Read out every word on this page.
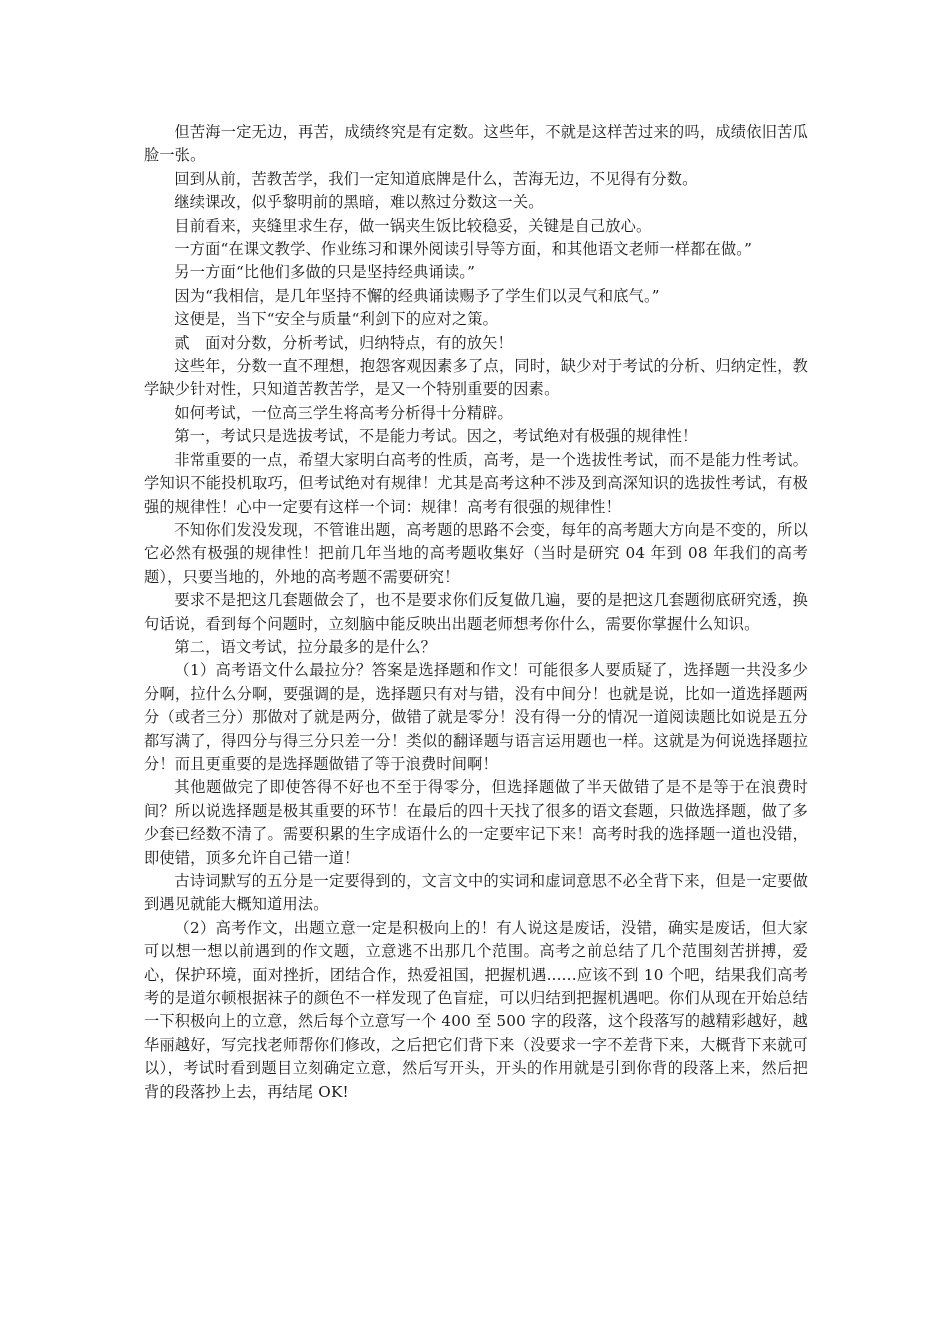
但苦海一定无边，再苦，成绩终究是有定数。这些年，不就是这样苦过来的吗，成绩依旧苦瓜脸一张。

回到从前，苦教苦学，我们一定知道底牌是什么，苦海无边，不见得有分数。

继续课改，似乎黎明前的黑暗，难以熬过分数这一关。

目前看来，夹缝里求生存，做一锅夹生饭比较稳妥，关键是自己放心。

一方面“在课文教学、作业练习和课外阅读引导等方面，和其他语文老师一样都在做。”

另一方面“比他们多做的只是坚持经典诵读。”

因为“我相信，是几年坚持不懈的经典诵读赐予了学生们以灵气和底气。”

这便是，当下“安全与质量“利剑下的应对之策。

贰　面对分数，分析考试，归纳特点，有的放矢！

这些年，分数一直不理想，抱怨客观因素多了点，同时，缺少对于考试的分析、归纳定性，教学缺少针对性，只知道苦教苦学，是又一个特别重要的因素。

如何考试，一位高三学生将高考分析得十分精辟。

第一，考试只是选拔考试，不是能力考试。因之，考试绝对有极强的规律性！

非常重要的一点，希望大家明白高考的性质，高考，是一个选拔性考试，而不是能力性考试。学知识不能投机取巧，但考试绝对有规律！尤其是高考这种不涉及到高深知识的选拔性考试，有极强的规律性！心中一定要有这样一个词：规律！高考有很强的规律性！

不知你们发没发现，不管谁出题，高考题的思路不会变，每年的高考题大方向是不变的，所以它必然有极强的规律性！把前几年当地的高考题收集好（当时是研究 04 年到 08 年我们的高考题），只要当地的，外地的高考题不需要研究！

要求不是把这几套题做会了，也不是要求你们反复做几遍，要的是把这几套题彻底研究透，换句话说，看到每个问题时，立刻脑中能反映出出题老师想考你什么，需要你掌握什么知识。

第二，语文考试，拉分最多的是什么？

（1）高考语文什么最拉分？答案是选择题和作文！可能很多人要质疑了，选择题一共没多少分啊，拉什么分啊，要强调的是，选择题只有对与错，没有中间分！也就是说，比如一道选择题两分（或者三分）那做对了就是两分，做错了就是零分！没有得一分的情况一道阅读题比如说是五分都写满了，得四分与得三分只差一分！类似的翻译题与语言运用题也一样。这就是为何说选择题拉分！而且更重要的是选择题做错了等于浪费时间啊！

其他题做完了即使答得不好也不至于得零分，但选择题做了半天做错了是不是等于在浪费时间？所以说选择题是极其重要的环节！在最后的四十天找了很多的语文套题，只做选择题，做了多少套已经数不清了。需要积累的生字成语什么的一定要牢记下来！高考时我的选择题一道也没错，即使错，顶多允许自己错一道！

古诗词默写的五分是一定要得到的，文言文中的实词和虚词意思不必全背下来，但是一定要做到遇见就能大概知道用法。

（2）高考作文，出题立意一定是积极向上的！有人说这是废话，没错，确实是废话，但大家可以想一想以前遇到的作文题，立意逃不出那几个范围。高考之前总结了几个范围刻苦拼搏，爱心，保护环境，面对挫折，团结合作，热爱祖国，把握机遇......应该不到 10 个吧，结果我们高考考的是道尔顿根据袜子的颜色不一样发现了色盲症，可以归结到把握机遇吧。你们从现在开始总结一下积极向上的立意，然后每个立意写一个 400 至 500 字的段落，这个段落写的越精彩越好，越华丽越好，写完找老师帮你们修改，之后把它们背下来（没要求一字不差背下来，大概背下来就可以），考试时看到题目立刻确定立意，然后写开头，开头的作用就是引到你背的段落上来，然后把背的段落抄上去，再结尾 OK!
